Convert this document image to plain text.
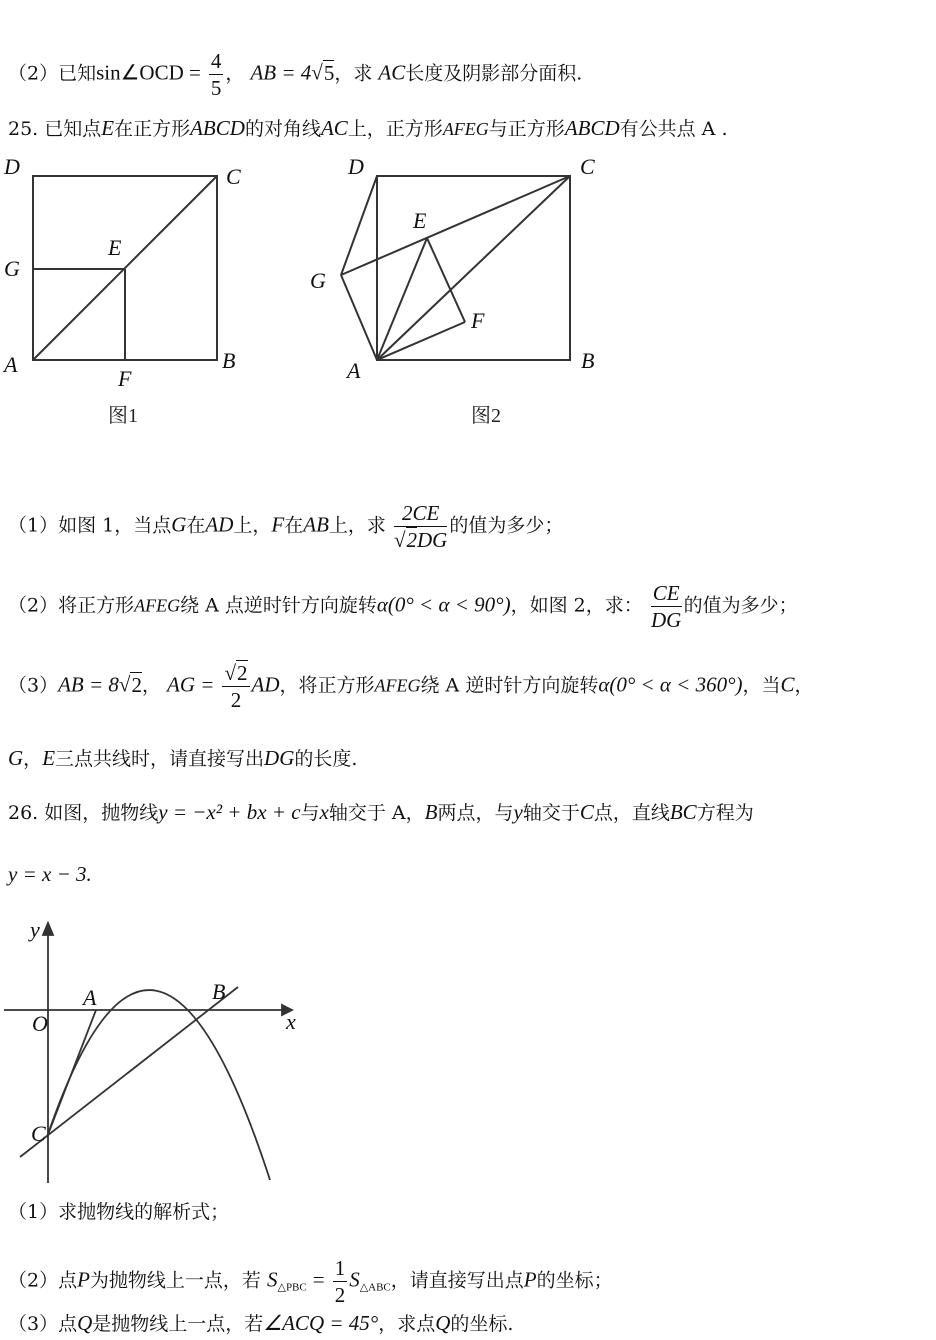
（2）已知sin∠OCD = $\frac{4}{5}$ ， AB = 4√5，求 AC长度及阴影部分面积.
25. 已知点E在正方形ABCD的对角线AC上，正方形AFEG与正方形ABCD有公共点 A .
D	C
G
E
A
F
B
图1
D	C
E
G
F
A	B
图2
（1）如图 1，当点G在AD上，F在AB上，求 $\frac{2CE}{√2DG}$ 的值为多少；
（2）将正方形AFEG绕 A 点逆时针方向旋转α(0° < α < 90°)，如图 2，求： $\frac{CE}{DG}$ 的值为多少；
（3）AB = 8√2， AG = $\frac{√2}{2}$ AD，将正方形AFEG绕 A 逆时针方向旋转α(0° < α < 360°)，当C，
G，E三点共线时，请直接写出DG的长度.
26. 如图，抛物线y = −x² + bx + c与x轴交于 A，B两点，与y轴交于C点，直线BC方程为
y = x − 3.
y
x
O
A	B
C
（1）求抛物线的解析式；
（2）点P为抛物线上一点，若 $S_{\triangle PBC} = \frac{1}{2} S_{\triangle ABC}$，请直接写出点P的坐标；
（3）点Q是抛物线上一点，若∠ACQ = 45°，求点Q的坐标.
